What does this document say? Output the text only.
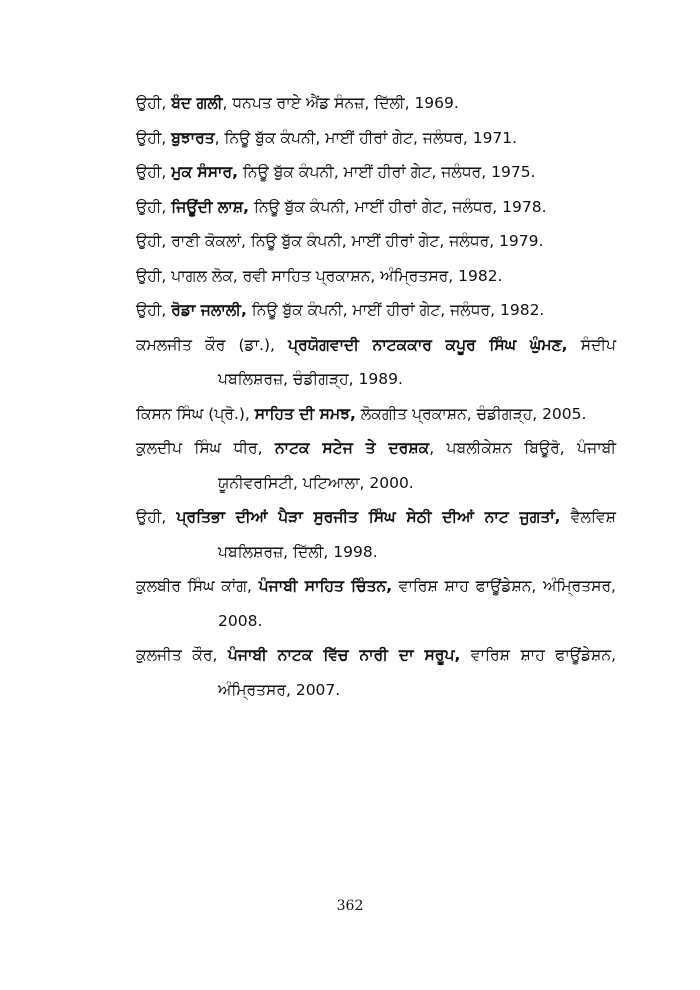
ਉਹੀ, ਬੰਦ ਗਲੀ, ਧਨਪਤ ਰਾਏ ਐਂਡ ਸੰਨਜ਼, ਦਿੱਲੀ, 1969.

ਉਹੀ, ਬੁਝਾਰਤ, ਨਿਊ ਬੁੱਕ ਕੰਪਨੀ, ਮਾਈਂ ਹੀਰਾਂ ਗੇਟ, ਜਲੰਧਰ, 1971.

ਉਹੀ, ਮੁਕ ਸੰਸਾਰ, ਨਿਊ ਬੁੱਕ ਕੰਪਨੀ, ਮਾਈਂ ਹੀਰਾਂ ਗੇਟ, ਜਲੰਧਰ, 1975.

ਉਹੀ, ਜਿਊਂਦੀ ਲਾਸ਼, ਨਿਊ ਬੁੱਕ ਕੰਪਨੀ, ਮਾਈਂ ਹੀਰਾਂ ਗੇਟ, ਜਲੰਧਰ, 1978.

ਉਹੀ, ਰਾਣੀ ਕੋਕਲਾਂ, ਨਿਊ ਬੁੱਕ ਕੰਪਨੀ, ਮਾਈਂ ਹੀਰਾਂ ਗੇਟ, ਜਲੰਧਰ, 1979.

ਉਹੀ, ਪਾਗਲ ਲੋਕ, ਰਵੀ ਸਾਹਿਤ ਪ੍ਰਕਾਸ਼ਨ, ਅੰਮ੍ਰਿਤਸਰ, 1982.

ਉਹੀ, ਰੋਡਾ ਜਲਾਲੀ, ਨਿਊ ਬੁੱਕ ਕੰਪਨੀ, ਮਾਈਂ ਹੀਰਾਂ ਗੇਟ, ਜਲੰਧਰ, 1982.

ਕਮਲਜੀਤ ਕੌਰ (ਡਾ.), ਪ੍ਰਯੋਗਵਾਦੀ ਨਾਟਕਕਾਰ ਕਪੂਰ ਸਿੰਘ ਘੁੰਮਣ, ਸੰਦੀਪ ਪਬਲਿਸ਼ਰਜ਼, ਚੰਡੀਗੜ੍ਹ, 1989.

ਕਿਸਨ ਸਿੰਘ (ਪ੍ਰੋ.), ਸਾਹਿਤ ਦੀ ਸਮਝ, ਲੋਕਗੀਤ ਪ੍ਰਕਾਸ਼ਨ, ਚੰਡੀਗੜ੍ਹ, 2005.

ਕੁਲਦੀਪ ਸਿੰਘ ਧੀਰ, ਨਾਟਕ ਸਟੇਜ ਤੇ ਦਰਸ਼ਕ, ਪਬਲੀਕੇਸ਼ਨ ਬਿਊਰੋ, ਪੰਜਾਬੀ ਯੂਨੀਵਰਸਿਟੀ, ਪਟਿਆਲਾ, 2000.

ਉਹੀ, ਪ੍ਰਤਿਭਾ ਦੀਆਂ ਪੈੜਾ ਸੁਰਜੀਤ ਸਿੰਘ ਸੇਠੀ ਦੀਆਂ ਨਾਟ ਜੁਗਤਾਂ, ਵੈਲਵਿਸ਼ ਪਬਲਿਸ਼ਰਜ਼, ਦਿੱਲੀ, 1998.

ਕੁਲਬੀਰ ਸਿੰਘ ਕਾਂਗ, ਪੰਜਾਬੀ ਸਾਹਿਤ ਚਿੰਤਨ, ਵਾਰਿਸ਼ ਸ਼ਾਹ ਫਾਊਂਡੇਸ਼ਨ, ਅੰਮ੍ਰਿਤਸਰ, 2008.

ਕੁਲਜੀਤ ਕੌਰ, ਪੰਜਾਬੀ ਨਾਟਕ ਵਿੱਚ ਨਾਰੀ ਦਾ ਸਰੂਪ, ਵਾਰਿਸ਼ ਸ਼ਾਹ ਫਾਊਂਡੇਸ਼ਨ, ਅੰਮ੍ਰਿਤਸਰ, 2007.

362
